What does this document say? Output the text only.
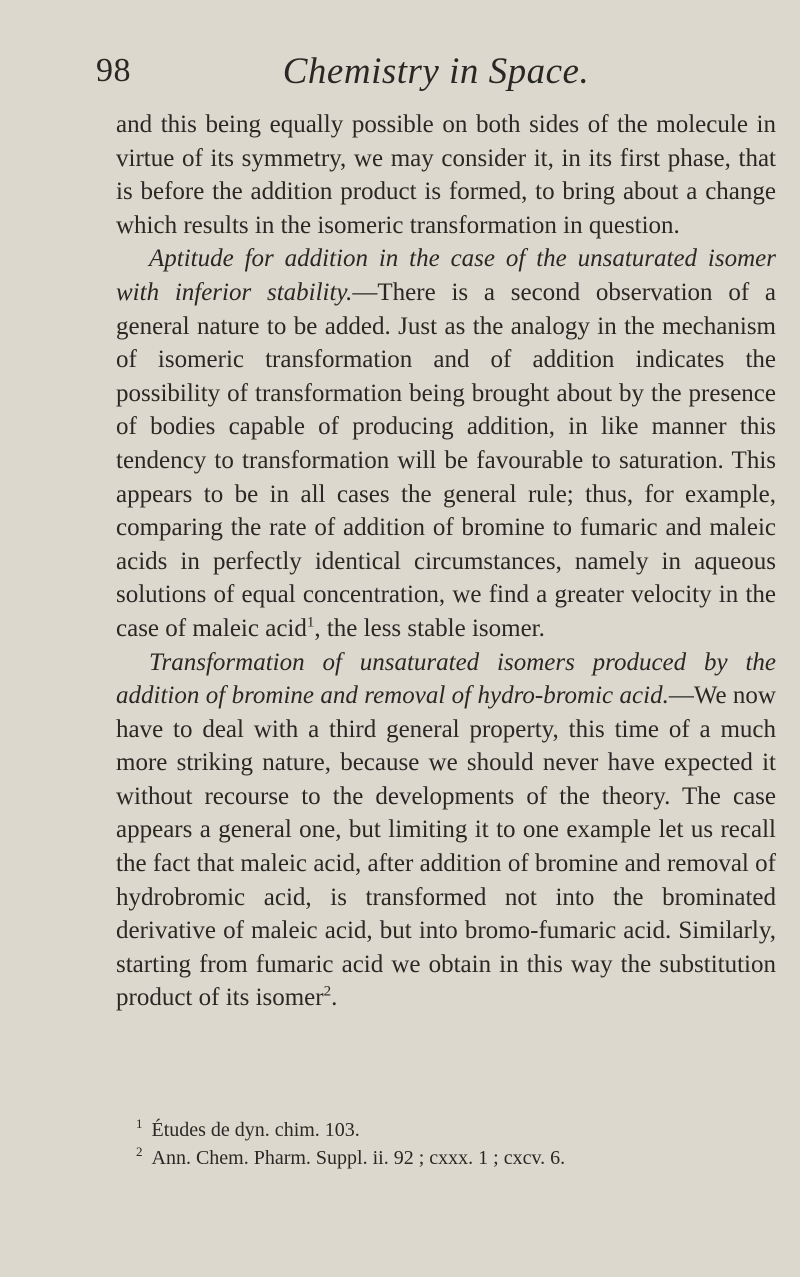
98	Chemistry in Space.

and this being equally possible on both sides of the molecule in virtue of its symmetry, we may consider it, in its first phase, that is before the addition product is formed, to bring about a change which results in the isomeric transformation in question.

Aptitude for addition in the case of the unsaturated isomer with inferior stability.—There is a second observation of a general nature to be added. Just as the analogy in the mechanism of isomeric transformation and of addition indicates the possibility of transformation being brought about by the presence of bodies capable of producing addition, in like manner this tendency to transformation will be favourable to saturation. This appears to be in all cases the general rule; thus, for example, comparing the rate of addition of bromine to fumaric and maleic acids in perfectly identical circumstances, namely in aqueous solutions of equal concentration, we find a greater velocity in the case of maleic acid$^1$, the less stable isomer.

Transformation of unsaturated isomers produced by the addition of bromine and removal of hydro-bromic acid.—We now have to deal with a third general property, this time of a much more striking nature, because we should never have expected it without recourse to the developments of the theory. The case appears a general one, but limiting it to one example let us recall the fact that maleic acid, after addition of bromine and removal of hydrobromic acid, is transformed not into the brominated derivative of maleic acid, but into bromo-fumaric acid. Similarly, starting from fumaric acid we obtain in this way the substitution product of its isomer$^2$.

$^1$ Études de dyn. chim. 103.
$^2$ Ann. Chem. Pharm. Suppl. ii. 92 ; cxxx. 1 ; cxcv. 6.
